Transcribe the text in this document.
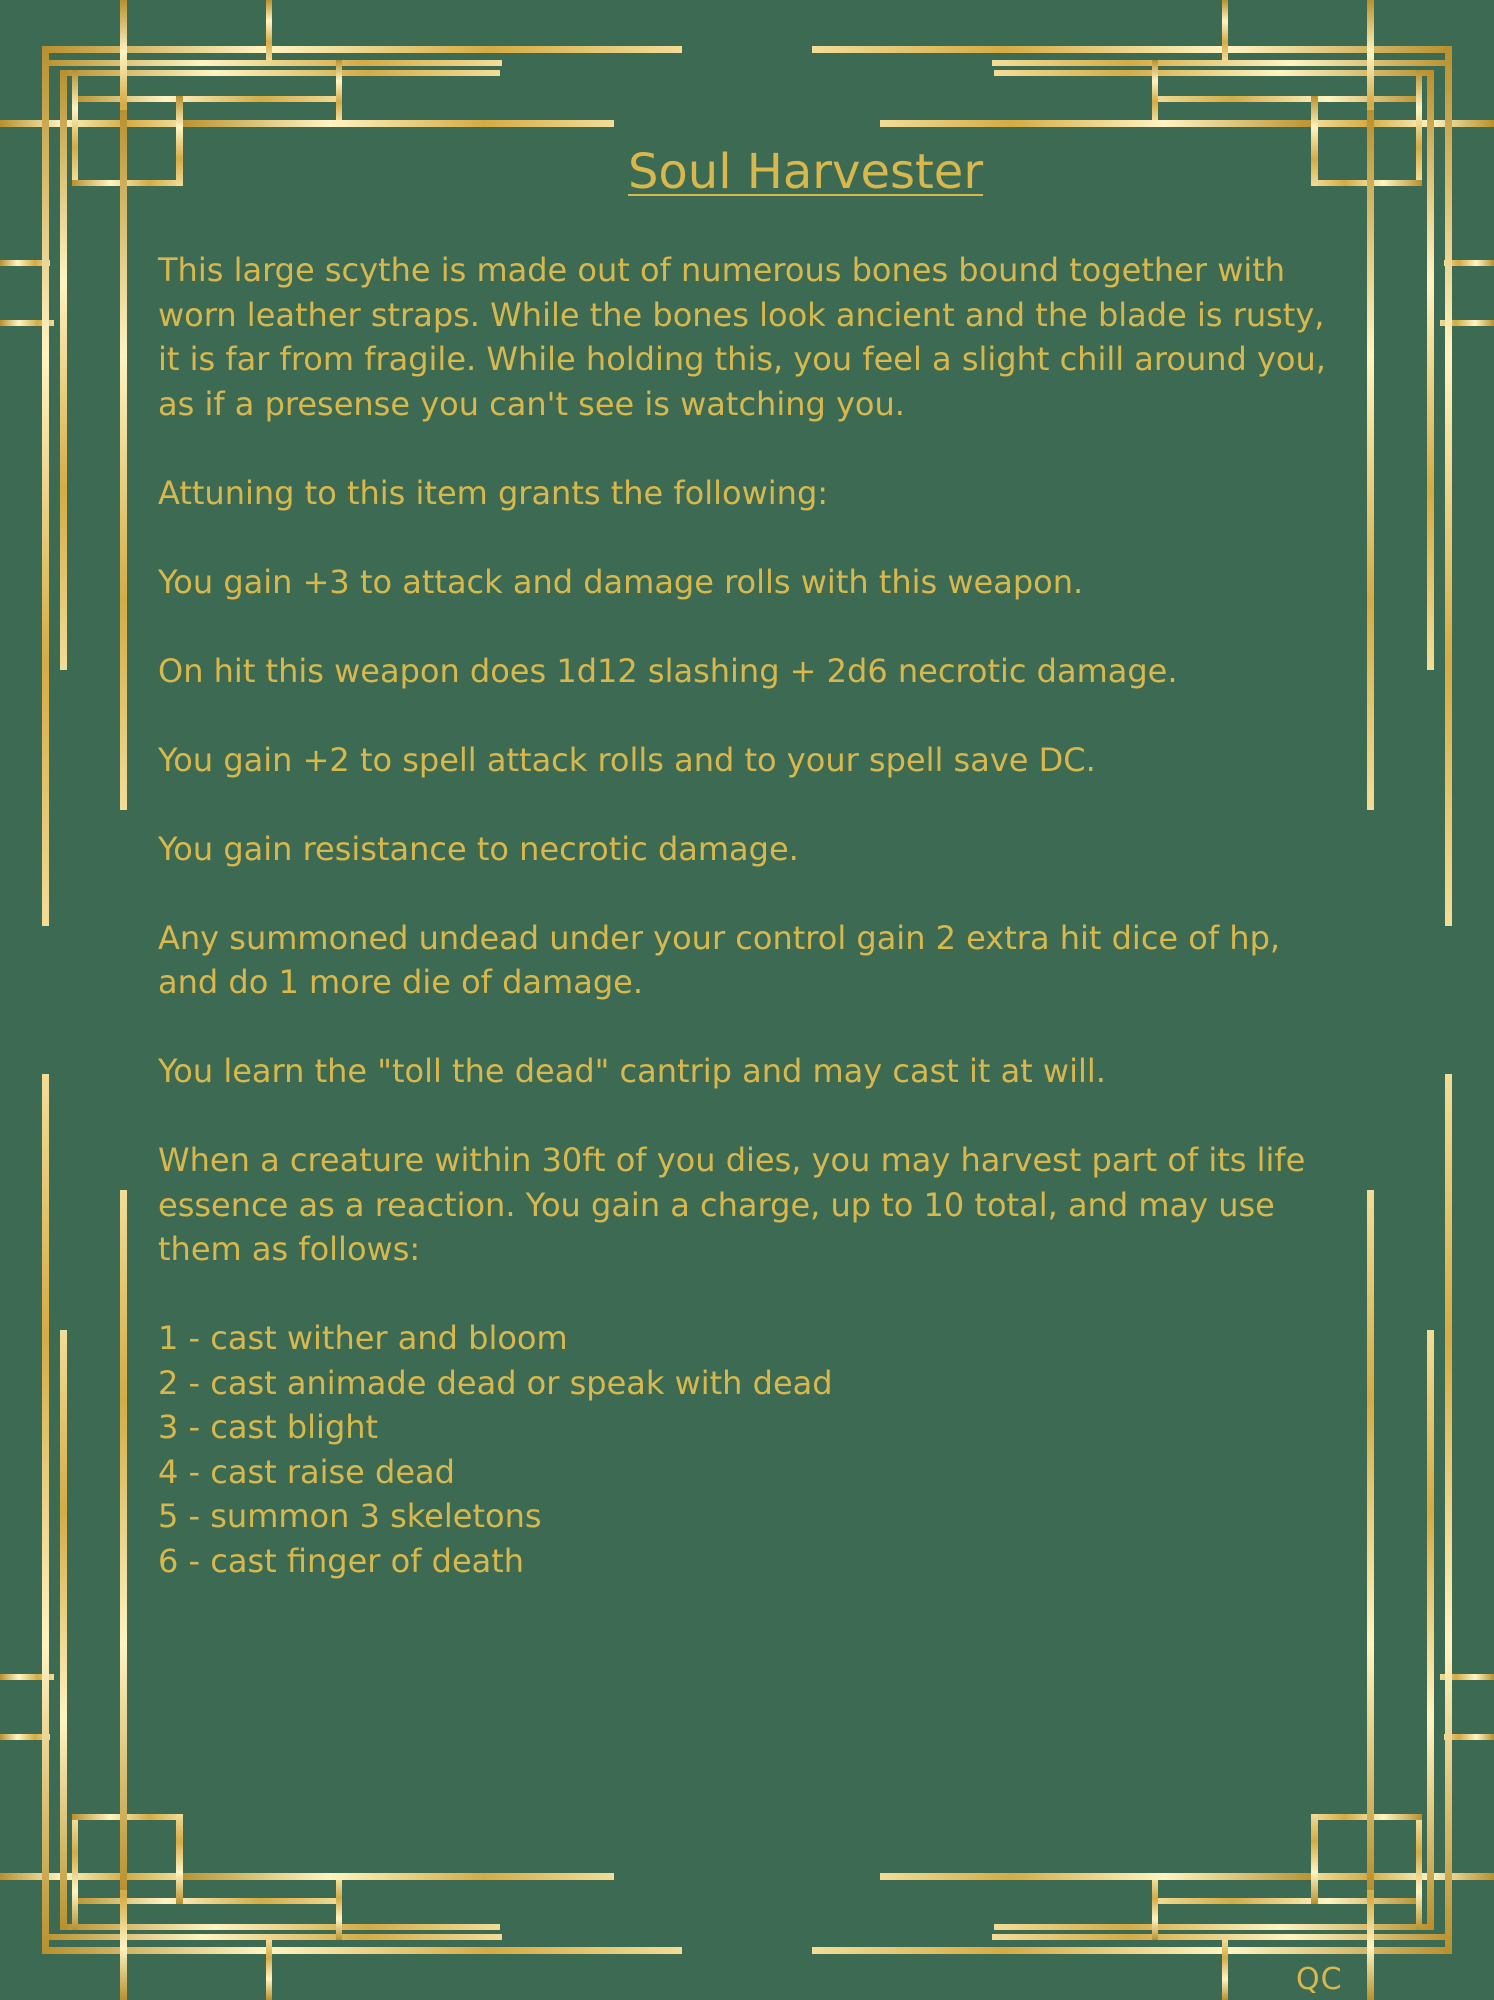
Soul Harvester
This large scythe is made out of numerous bones bound together with worn leather straps. While the bones look ancient and the blade is rusty, it is far from fragile. While holding this, you feel a slight chill around you, as if a presense you can't see is watching you.
Attuning to this item grants the following:
You gain +3 to attack and damage rolls with this weapon.
On hit this weapon does 1d12 slashing + 2d6 necrotic damage.
You gain +2 to spell attack rolls and to your spell save DC.
You gain resistance to necrotic damage.
Any summoned undead under your control gain 2 extra hit dice of hp, and do 1 more die of damage.
You learn the "toll the dead" cantrip and may cast it at will.
When a creature within 30ft of you dies, you may harvest part of its life essence as a reaction. You gain a charge, up to 10 total, and may use them as follows:
1 - cast wither and bloom
2 - cast animade dead or speak with dead
3 - cast blight
4 - cast raise dead
5 - summon 3 skeletons
6 - cast finger of death
QC
